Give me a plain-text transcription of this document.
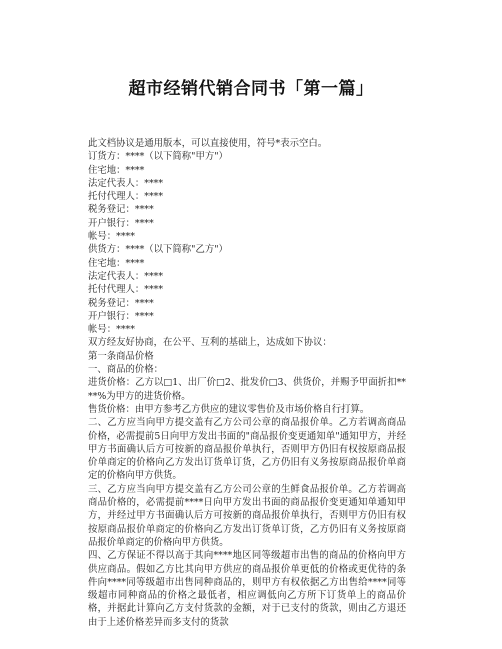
超市经销代销合同书「第一篇」
此文档协议是通用版本，可以直接使用，符号*表示空白。
订货方：****（以下简称"甲方"）
住宅地：****
法定代表人：****
托付代理人：****
税务登记：****
开户银行：****
帐号：****
供货方：****（以下简称"乙方"）
住宅地：****
法定代表人：****
托付代理人：****
税务登记：****
开户银行：****
帐号：****
双方经友好协商，在公平、互利的基础上，达成如下协议：
第一条商品价格
一、商品的价格：

进货价格：乙方以□1、出厂价□2、批发价□3、供货价，并赐予甲面折扣****%为甲方的进货价格。

售货价格：由甲方参考乙方供应的建议零售价及市场价格自行打算。

二、乙方应当向甲方提交盖有乙方公司公章的商品报价单。乙方若调高商品价格，必需提前5日向甲方发出书面的"商品报价变更通知单"通知甲方，并经甲方书面确认后方可按新的商品报价单执行，否则甲方仍旧有权按原商品报价单商定的价格向乙方发出订货单订货，乙方仍旧有义务按原商品报价单商定的价格向甲方供货。

三、乙方应当向甲方提交盖有乙方公司公章的生鲜食品报价单。乙方若调高商品价格的，必需提前****日向甲方发出书面的商品报价变更通知单通知甲方，并经过甲方书面确认后方可按新的商品报价单执行，否则甲方仍旧有权按原商品报价单商定的价格向乙方发出订货单订货，乙方仍旧有义务按原商品报价单商定的价格向甲方供货。

四、乙方保证不得以高于其向****地区同等级超市出售的商品的价格向甲方供应商品。假如乙方比其向甲方供应的商品报价单更低的价格或更优待的条件向****同等级超市出售同种商品的，则甲方有权依据乙方出售给****同等级超市同种商品的价格之最低者，相应调低向乙方所下订货单上的商品价格，并据此计算向乙方支付货款的金额，对于已支付的货款，则由乙方退还由于上述价格差异而多支付的货款
